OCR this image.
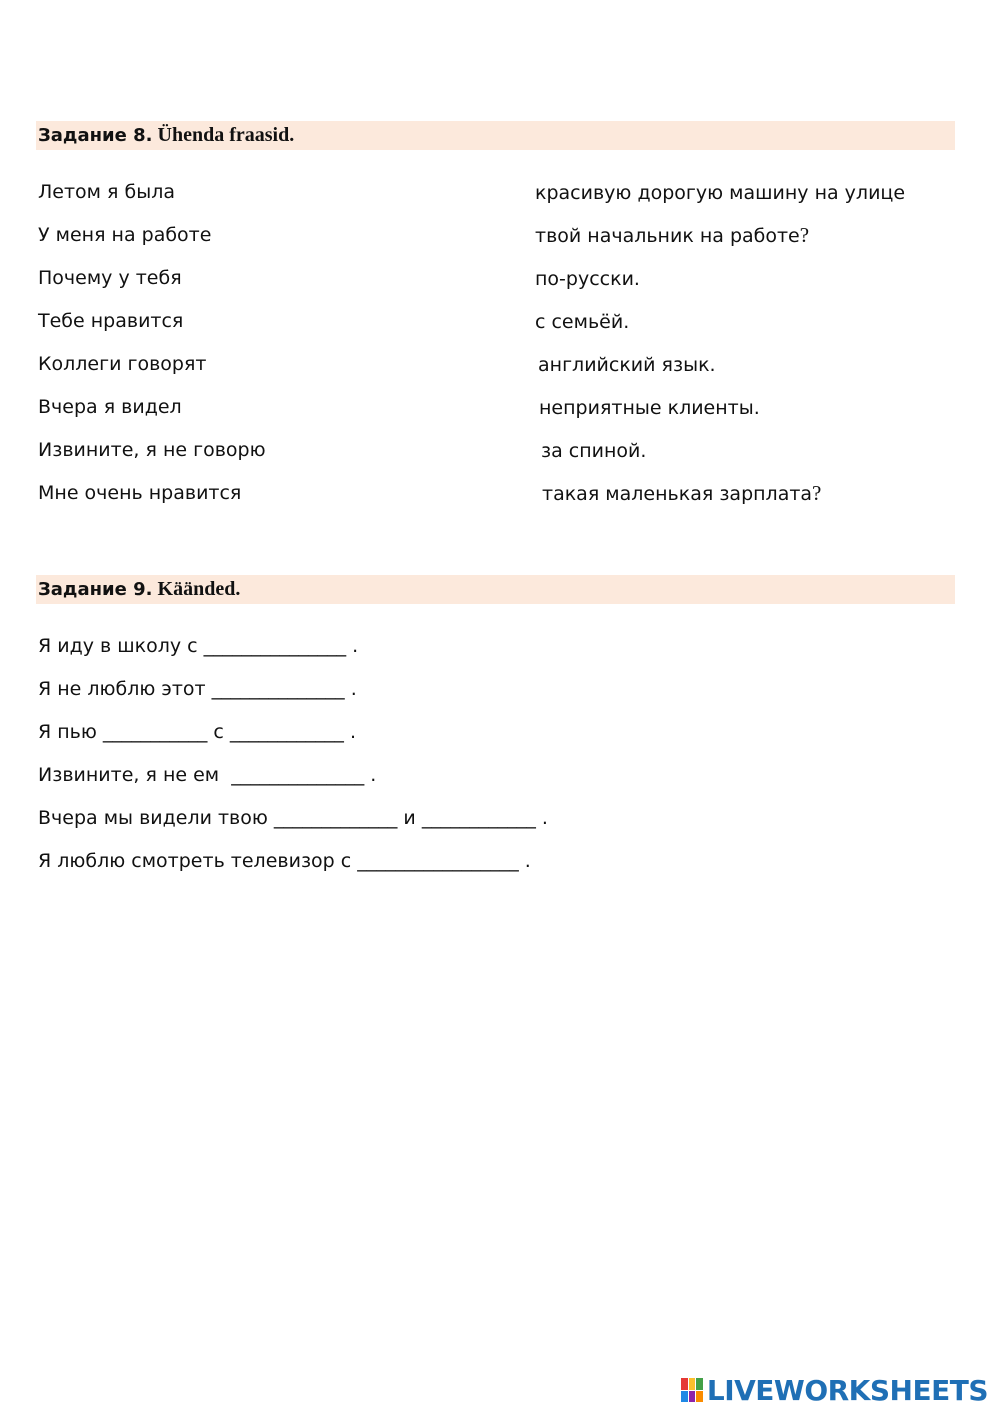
Задание 8. Ühenda fraasid.
Летом я была
У меня на работе
Почему у тебя
Тебе нравится
Коллеги говорят
Вчера я видел
Извините, я не говорю
Мне очень нравится
красивую дорогую машину на улице
твой начальник на работе?
по-русски.
с семьёй.
английский язык.
неприятные клиенты.
за спиной.
такая маленькая зарплата?
Задание 9. Käänded.
Я иду в школу с _______________ .
Я не люблю этот ______________ .
Я пью ___________ с ____________ .
Извините, я не ем  ______________ .
Вчера мы видели твою _____________ и ____________ .
Я люблю смотреть телевизор с _________________ .
LIVEWORKSHEETS
